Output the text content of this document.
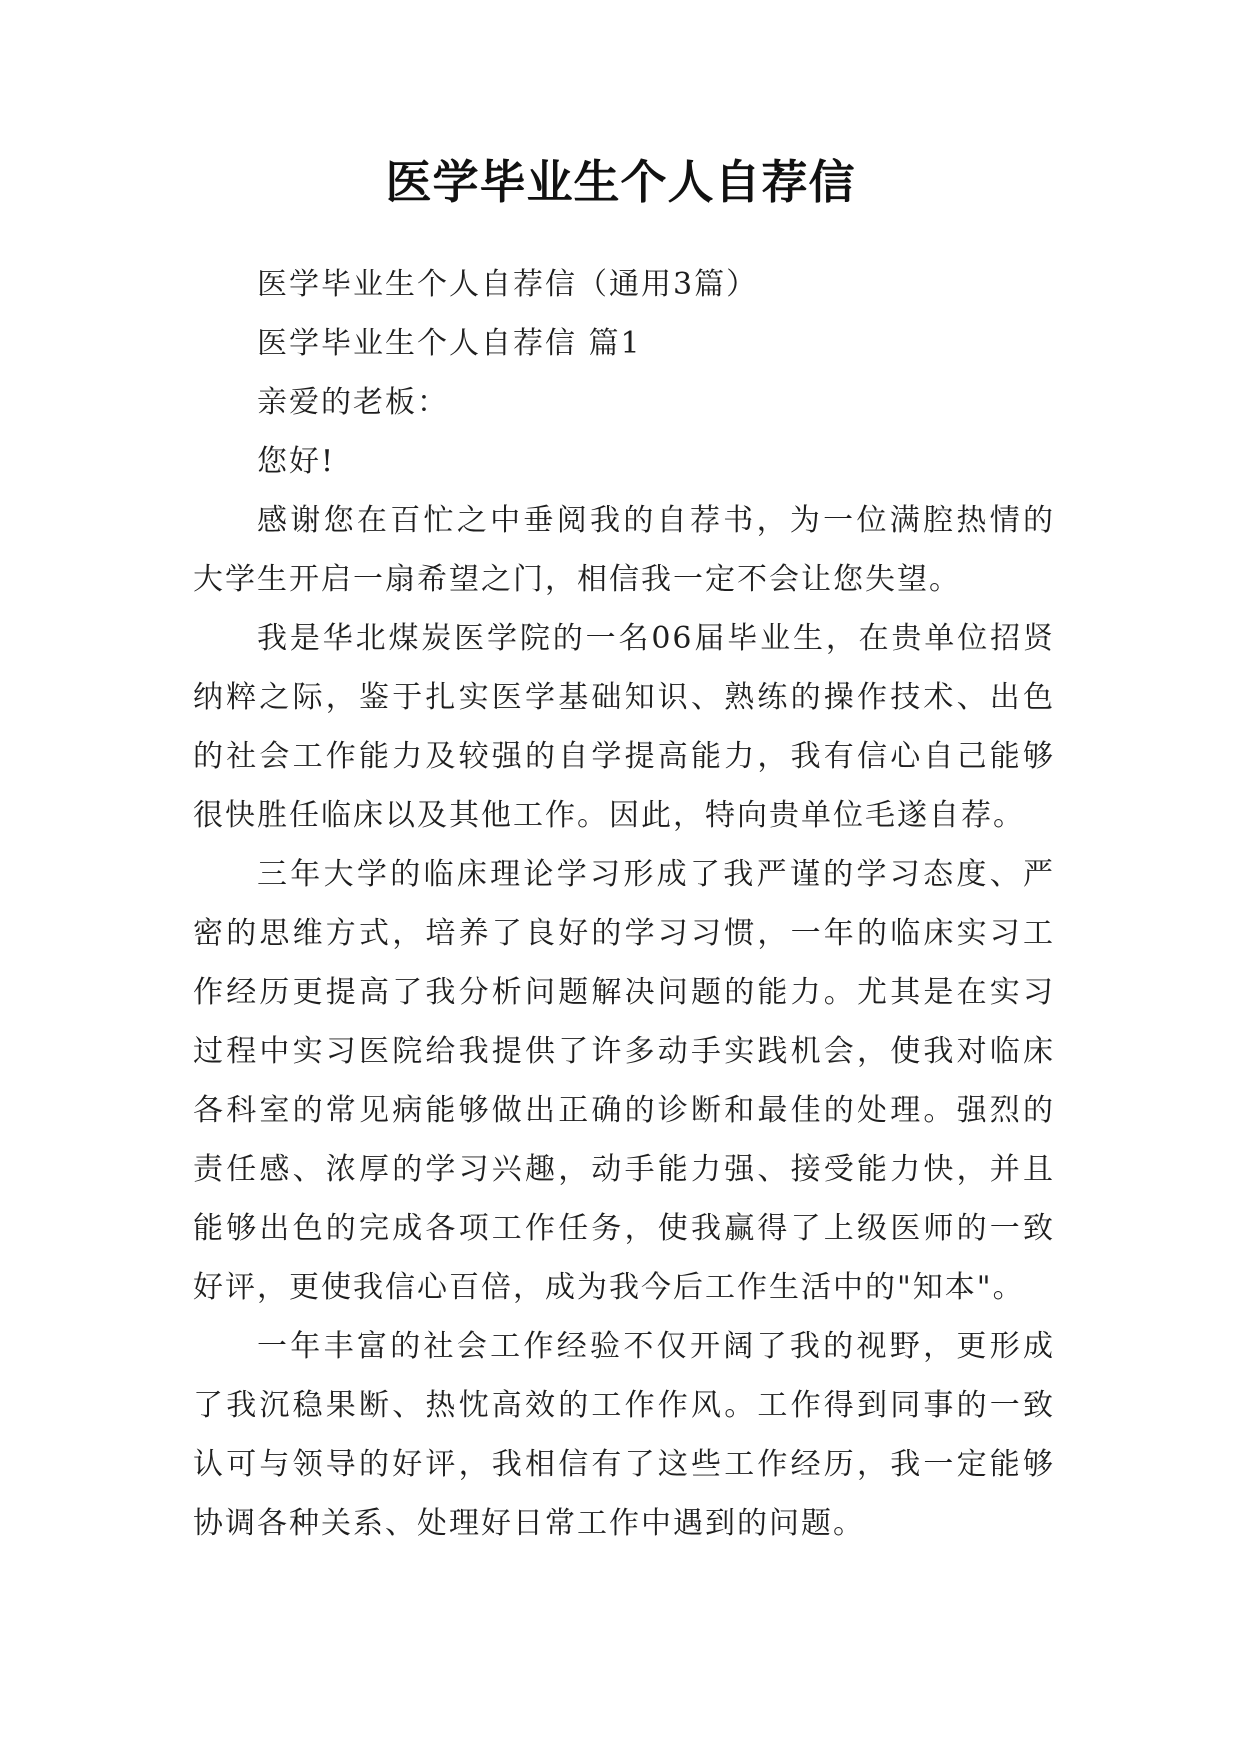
医学毕业生个人自荐信

医学毕业生个人自荐信（通用3篇）

医学毕业生个人自荐信 篇1

亲爱的老板：

您好!

感谢您在百忙之中垂阅我的自荐书，为一位满腔热情的大学生开启一扇希望之门，相信我一定不会让您失望。

我是华北煤炭医学院的一名06届毕业生，在贵单位招贤纳粹之际，鉴于扎实医学基础知识、熟练的操作技术、出色的社会工作能力及较强的自学提高能力，我有信心自己能够很快胜任临床以及其他工作。因此，特向贵单位毛遂自荐。

三年大学的临床理论学习形成了我严谨的学习态度、严密的思维方式，培养了良好的学习习惯，一年的临床实习工作经历更提高了我分析问题解决问题的能力。尤其是在实习过程中实习医院给我提供了许多动手实践机会，使我对临床各科室的常见病能够做出正确的诊断和最佳的处理。强烈的责任感、浓厚的学习兴趣，动手能力强、接受能力快，并且能够出色的完成各项工作任务，使我赢得了上级医师的一致好评，更使我信心百倍，成为我今后工作生活中的"知本"。

一年丰富的社会工作经验不仅开阔了我的视野，更形成了我沉稳果断、热忱高效的工作作风。工作得到同事的一致认可与领导的好评，我相信有了这些工作经历，我一定能够协调各种关系、处理好日常工作中遇到的问题。
